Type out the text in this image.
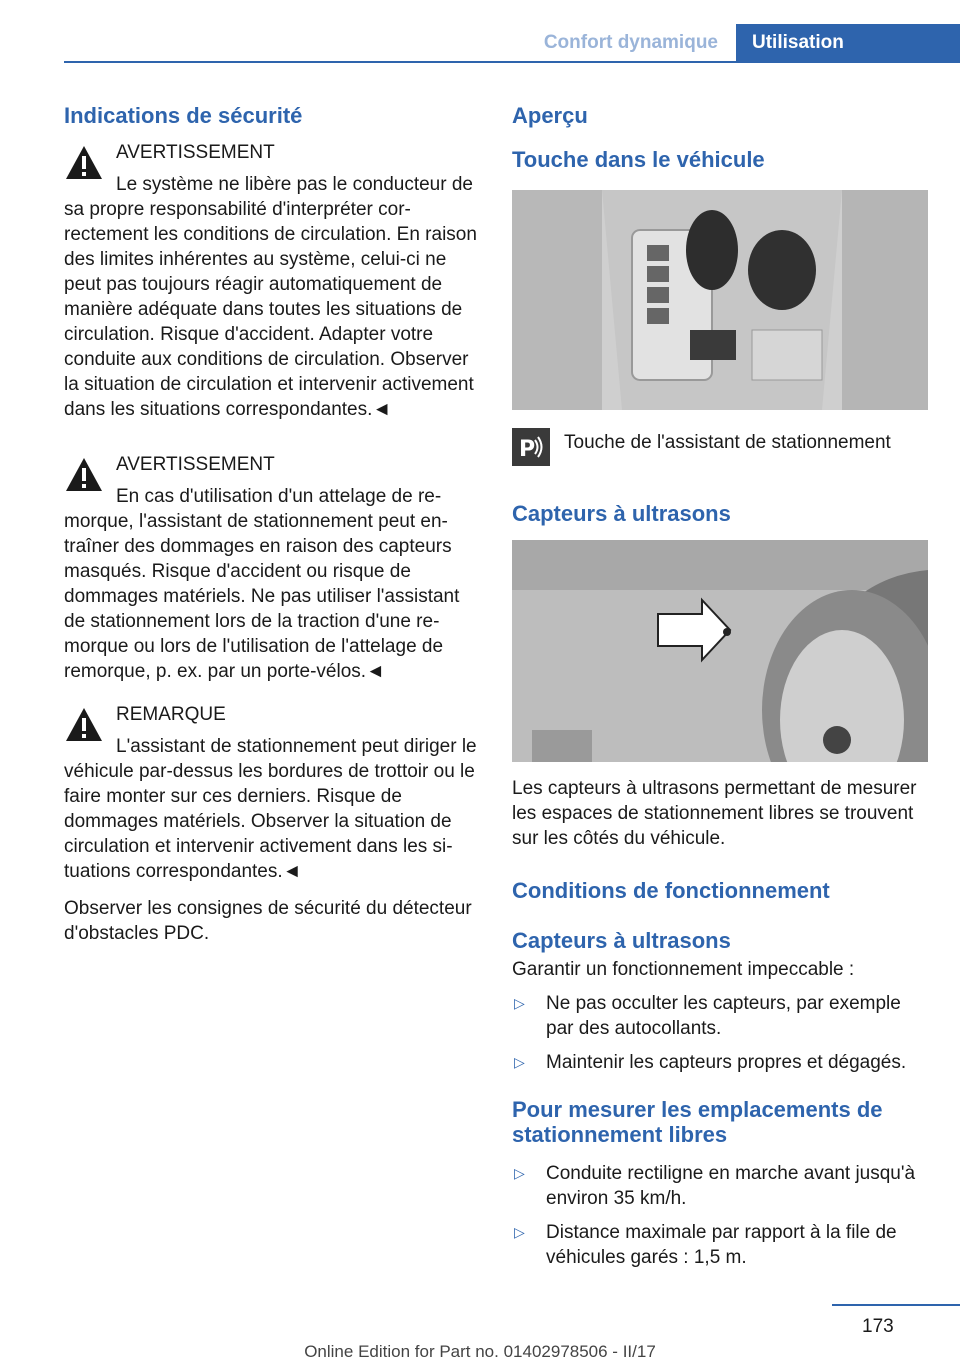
Confort dynamique	Utilisation
Indications de sécurité

AVERTISSEMENT
Le système ne libère pas le conducteur de sa propre responsabilité d'interpréter correctement les conditions de circulation. En raison des limites inhérentes au système, celui-ci ne peut pas toujours réagir automatiquement de manière adéquate dans toutes les situations de circulation. Risque d'accident. Adapter votre conduite aux conditions de circulation. Observer la situation de circulation et intervenir activement dans les situations correspondantes.◄

AVERTISSEMENT
En cas d'utilisation d'un attelage de remorque, l'assistant de stationnement peut entraîner des dommages en raison des capteurs masqués. Risque d'accident ou risque de dommages matériels. Ne pas utiliser l'assistant de stationnement lors de la traction d'une remorque ou lors de l'utilisation de l'attelage de remorque, p. ex. par un porte-vélos.◄

REMARQUE
L'assistant de stationnement peut diriger le véhicule par-dessus les bordures de trottoir ou le faire monter sur ces derniers. Risque de dommages matériels. Observer la situation de circulation et intervenir activement dans les situations correspondantes.◄

Observer les consignes de sécurité du détecteur d'obstacles PDC.

Aperçu
Touche dans le véhicule
P Touche de l'assistant de stationnement
Capteurs à ultrasons

Les capteurs à ultrasons permettant de mesurer les espaces de stationnement libres se trouvent sur les côtés du véhicule.

Conditions de fonctionnement
Capteurs à ultrasons

Garantir un fonctionnement impeccable :

▷ Ne pas occulter les capteurs, par exemple par des autocollants.
▷ Maintenir les capteurs propres et dégagés.
Pour mesurer les emplacements de stationnement libres
▷ Conduite rectiligne en marche avant jusqu'à environ 35 km/h.
▷ Distance maximale par rapport à la file de véhicules garés : 1,5 m.
173
Online Edition for Part no. 01402978506 - II/17
